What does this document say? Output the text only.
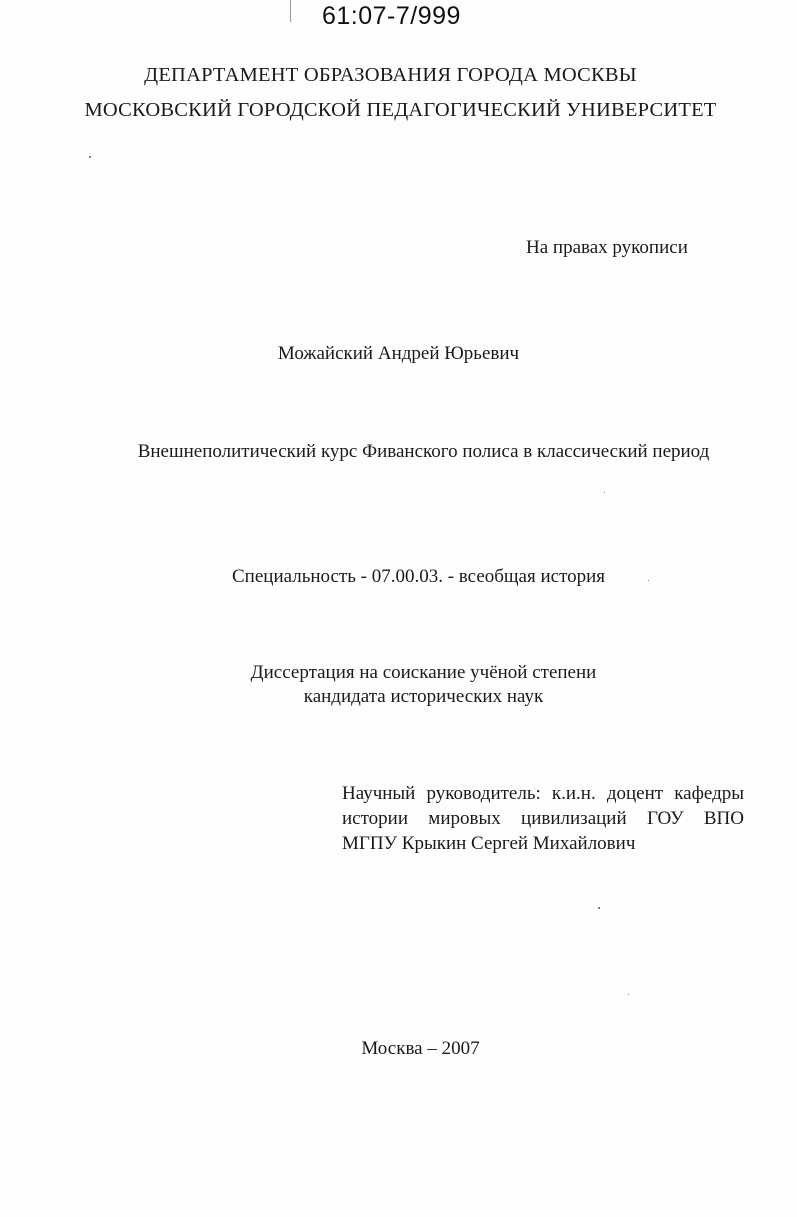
61:07-7/999
ДЕПАРТАМЕНТ ОБРАЗОВАНИЯ ГОРОДА МОСКВЫ
МОСКОВСКИЙ ГОРОДСКОЙ ПЕДАГОГИЧЕСКИЙ УНИВЕРСИТЕТ
На правах рукописи
Можайский Андрей Юрьевич
Внешнеполитический курс Фиванского полиса в классический период
Специальность - 07.00.03. - всеобщая история
Диссертация на соискание учёной степени
кандидата исторических наук
Научный руководитель: к.и.н. доцент кафедры
истории мировых цивилизаций ГОУ ВПО
МГПУ Крыкин Сергей Михайлович
Москва – 2007
